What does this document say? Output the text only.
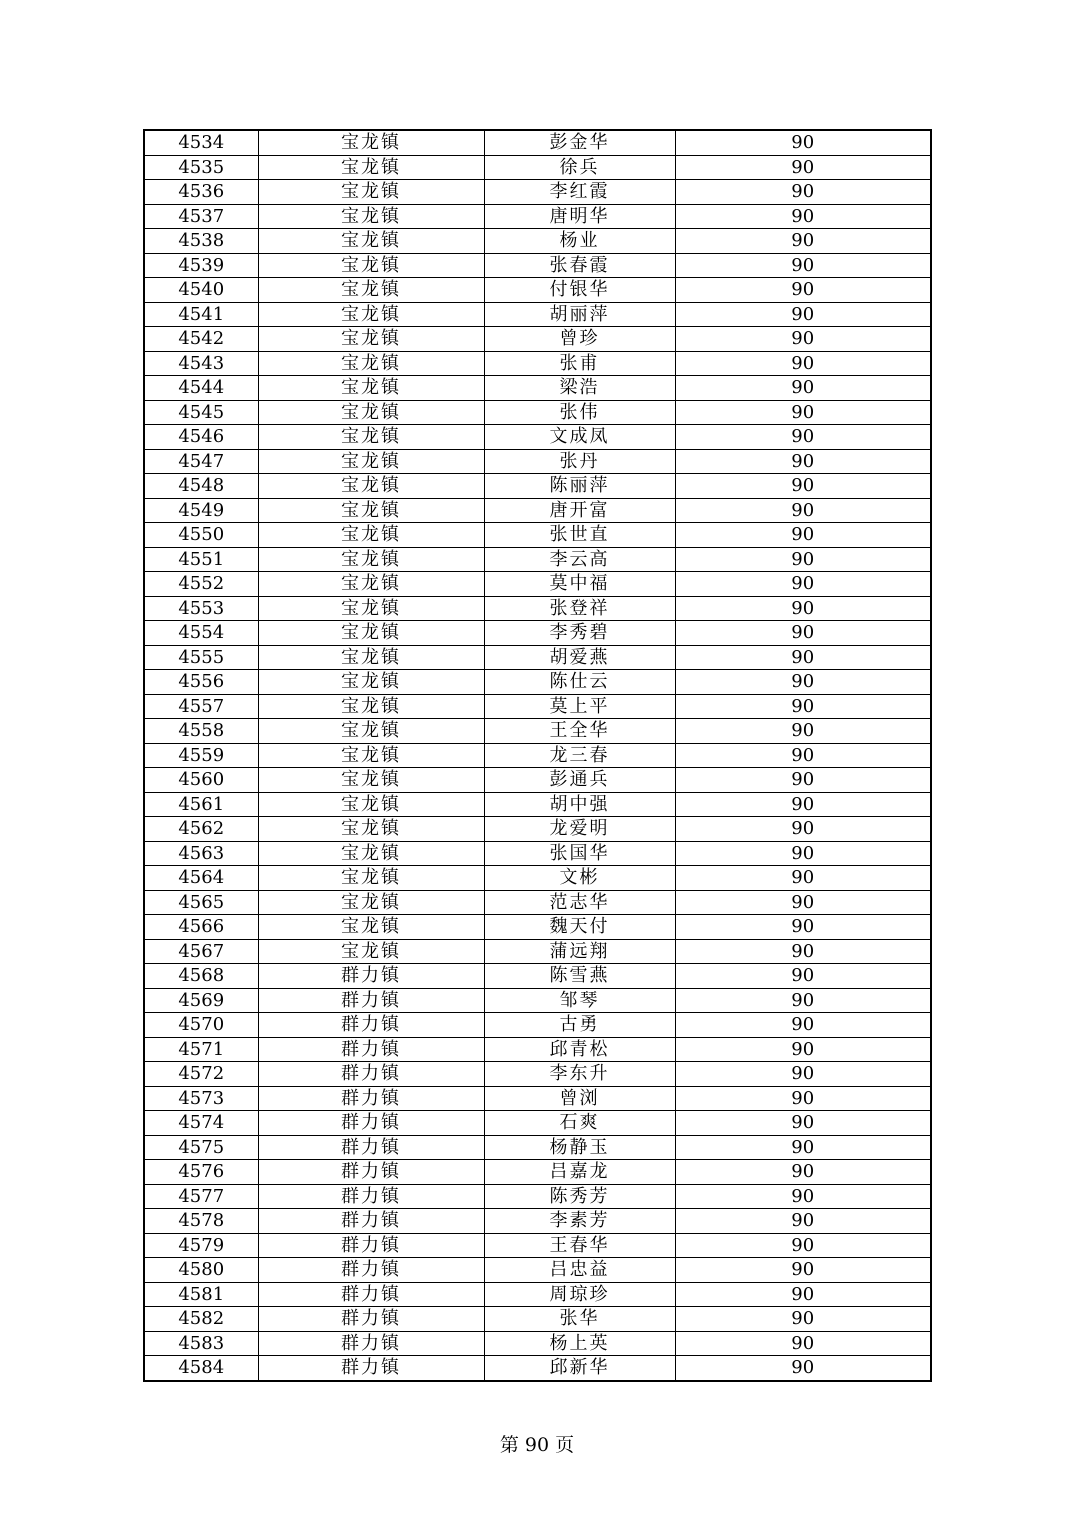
4534	宝龙镇	彭金华	90
4535	宝龙镇	徐兵	90
4536	宝龙镇	李红霞	90
4537	宝龙镇	唐明华	90
4538	宝龙镇	杨业	90
4539	宝龙镇	张春霞	90
4540	宝龙镇	付银华	90
4541	宝龙镇	胡丽萍	90
4542	宝龙镇	曾珍	90
4543	宝龙镇	张甫	90
4544	宝龙镇	梁浩	90
4545	宝龙镇	张伟	90
4546	宝龙镇	文成凤	90
4547	宝龙镇	张丹	90
4548	宝龙镇	陈丽萍	90
4549	宝龙镇	唐开富	90
4550	宝龙镇	张世直	90
4551	宝龙镇	李云高	90
4552	宝龙镇	莫中福	90
4553	宝龙镇	张登祥	90
4554	宝龙镇	李秀碧	90
4555	宝龙镇	胡爱燕	90
4556	宝龙镇	陈仕云	90
4557	宝龙镇	莫上平	90
4558	宝龙镇	王全华	90
4559	宝龙镇	龙三春	90
4560	宝龙镇	彭通兵	90
4561	宝龙镇	胡中强	90
4562	宝龙镇	龙爱明	90
4563	宝龙镇	张国华	90
4564	宝龙镇	文彬	90
4565	宝龙镇	范志华	90
4566	宝龙镇	魏天付	90
4567	宝龙镇	蒲远翔	90
4568	群力镇	陈雪燕	90
4569	群力镇	邹琴	90
4570	群力镇	古勇	90
4571	群力镇	邱青松	90
4572	群力镇	李东升	90
4573	群力镇	曾浏	90
4574	群力镇	石爽	90
4575	群力镇	杨静玉	90
4576	群力镇	吕嘉龙	90
4577	群力镇	陈秀芳	90
4578	群力镇	李素芳	90
4579	群力镇	王春华	90
4580	群力镇	吕忠益	90
4581	群力镇	周琼珍	90
4582	群力镇	张华	90
4583	群力镇	杨上英	90
4584	群力镇	邱新华	90
第 90 页
